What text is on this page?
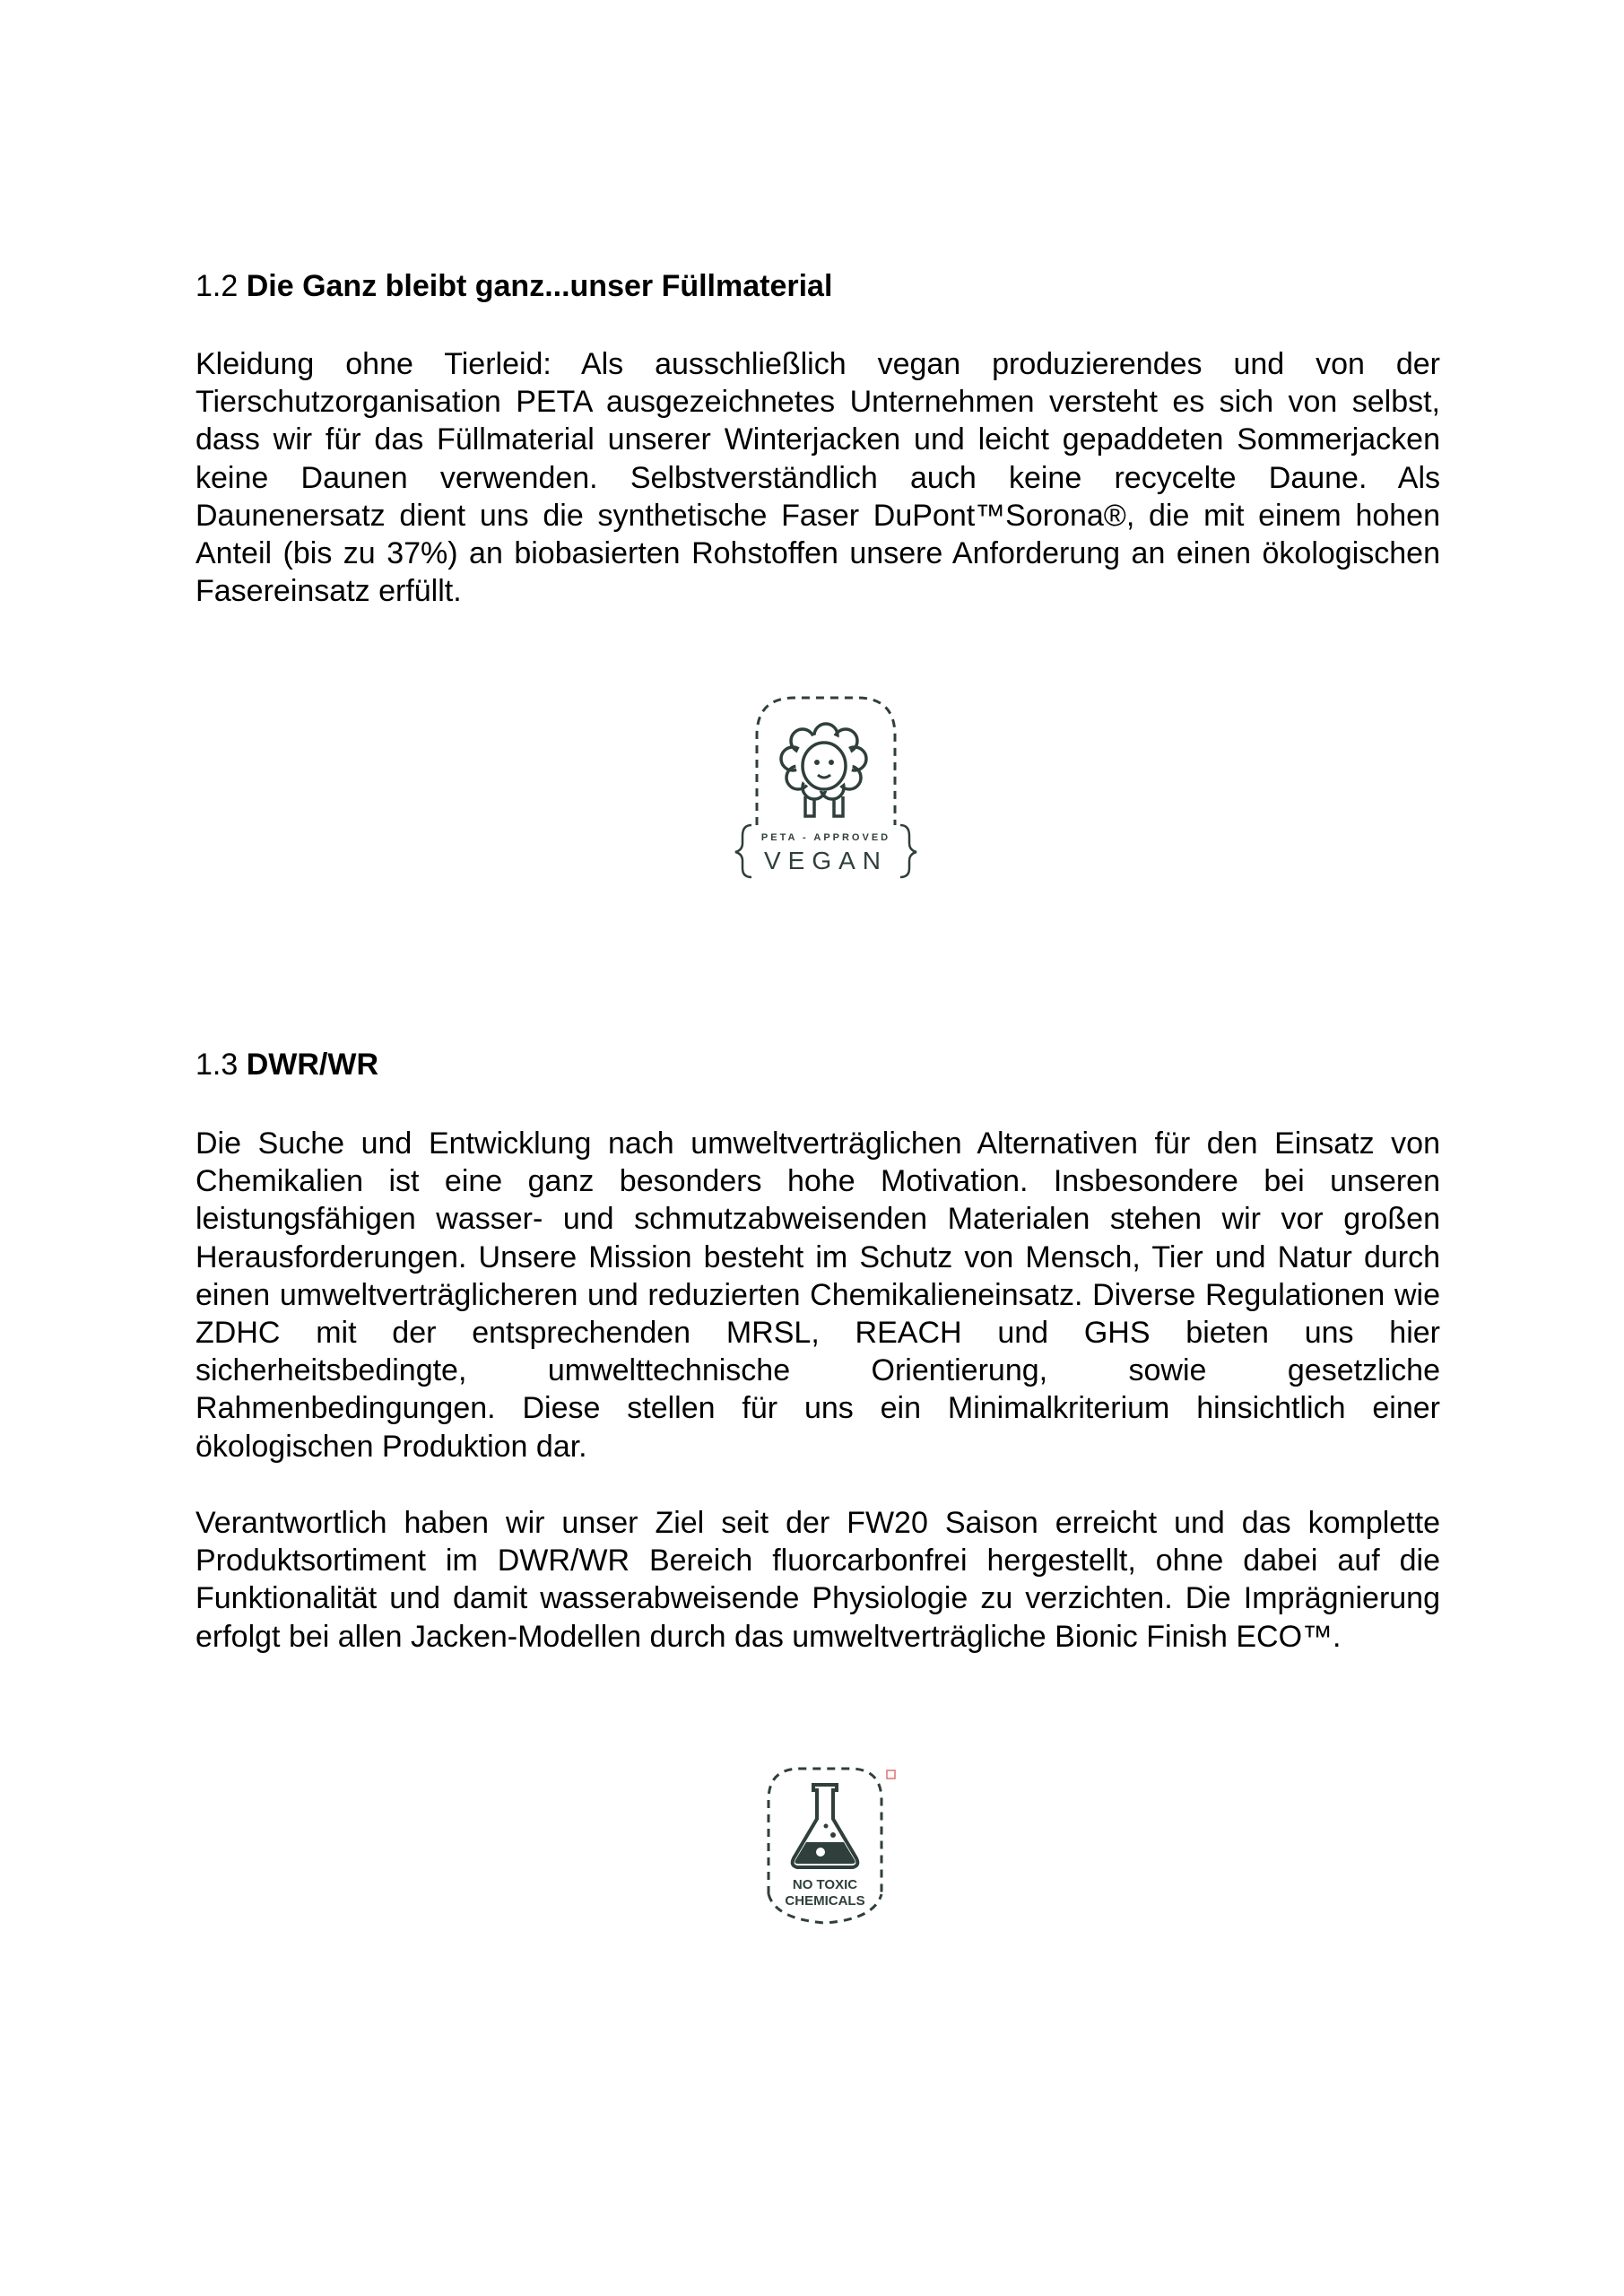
1.2 Die Ganz bleibt ganz...unser Füllmaterial

Kleidung ohne Tierleid: Als ausschließlich vegan produzierendes und von der Tierschutzorganisation PETA ausgezeichnetes Unternehmen versteht es sich von selbst, dass wir für das Füllmaterial unserer Winterjacken und leicht gepaddeten Sommerjacken keine Daunen verwenden. Selbstverständlich auch keine recycelte Daune. Als Daunenersatz dient uns die synthetische Faser DuPont™Sorona®, die mit einem hohen Anteil (bis zu 37%) an biobasierten Rohstoffen unsere Anforderung an einen ökologischen Fasereinsatz erfüllt.

PETA - APPROVED
VEGAN
1.3 DWR/WR

Die Suche und Entwicklung nach umweltverträglichen Alternativen für den Einsatz von Chemikalien ist eine ganz besonders hohe Motivation. Insbesondere bei unseren leistungsfähigen wasser- und schmutzabweisenden Materialen stehen wir vor großen Herausforderungen. Unsere Mission besteht im Schutz von Mensch, Tier und Natur durch einen umweltverträglicheren und reduzierten Chemikalieneinsatz. Diverse Regulationen wie ZDHC mit der entsprechenden MRSL, REACH und GHS bieten uns hier sicherheitsbedingte, umwelttechnische Orientierung, sowie gesetzliche Rahmenbedingungen. Diese stellen für uns ein Minimalkriterium hinsichtlich einer ökologischen Produktion dar.

Verantwortlich haben wir unser Ziel seit der FW20 Saison erreicht und das komplette Produktsortiment im DWR/WR Bereich fluorcarbonfrei hergestellt, ohne dabei auf die Funktionalität und damit wasserabweisende Physiologie zu verzichten. Die Imprägnierung erfolgt bei allen Jacken-Modellen durch das umweltverträgliche Bionic Finish ECO™.

NO TOXIC
CHEMICALS
